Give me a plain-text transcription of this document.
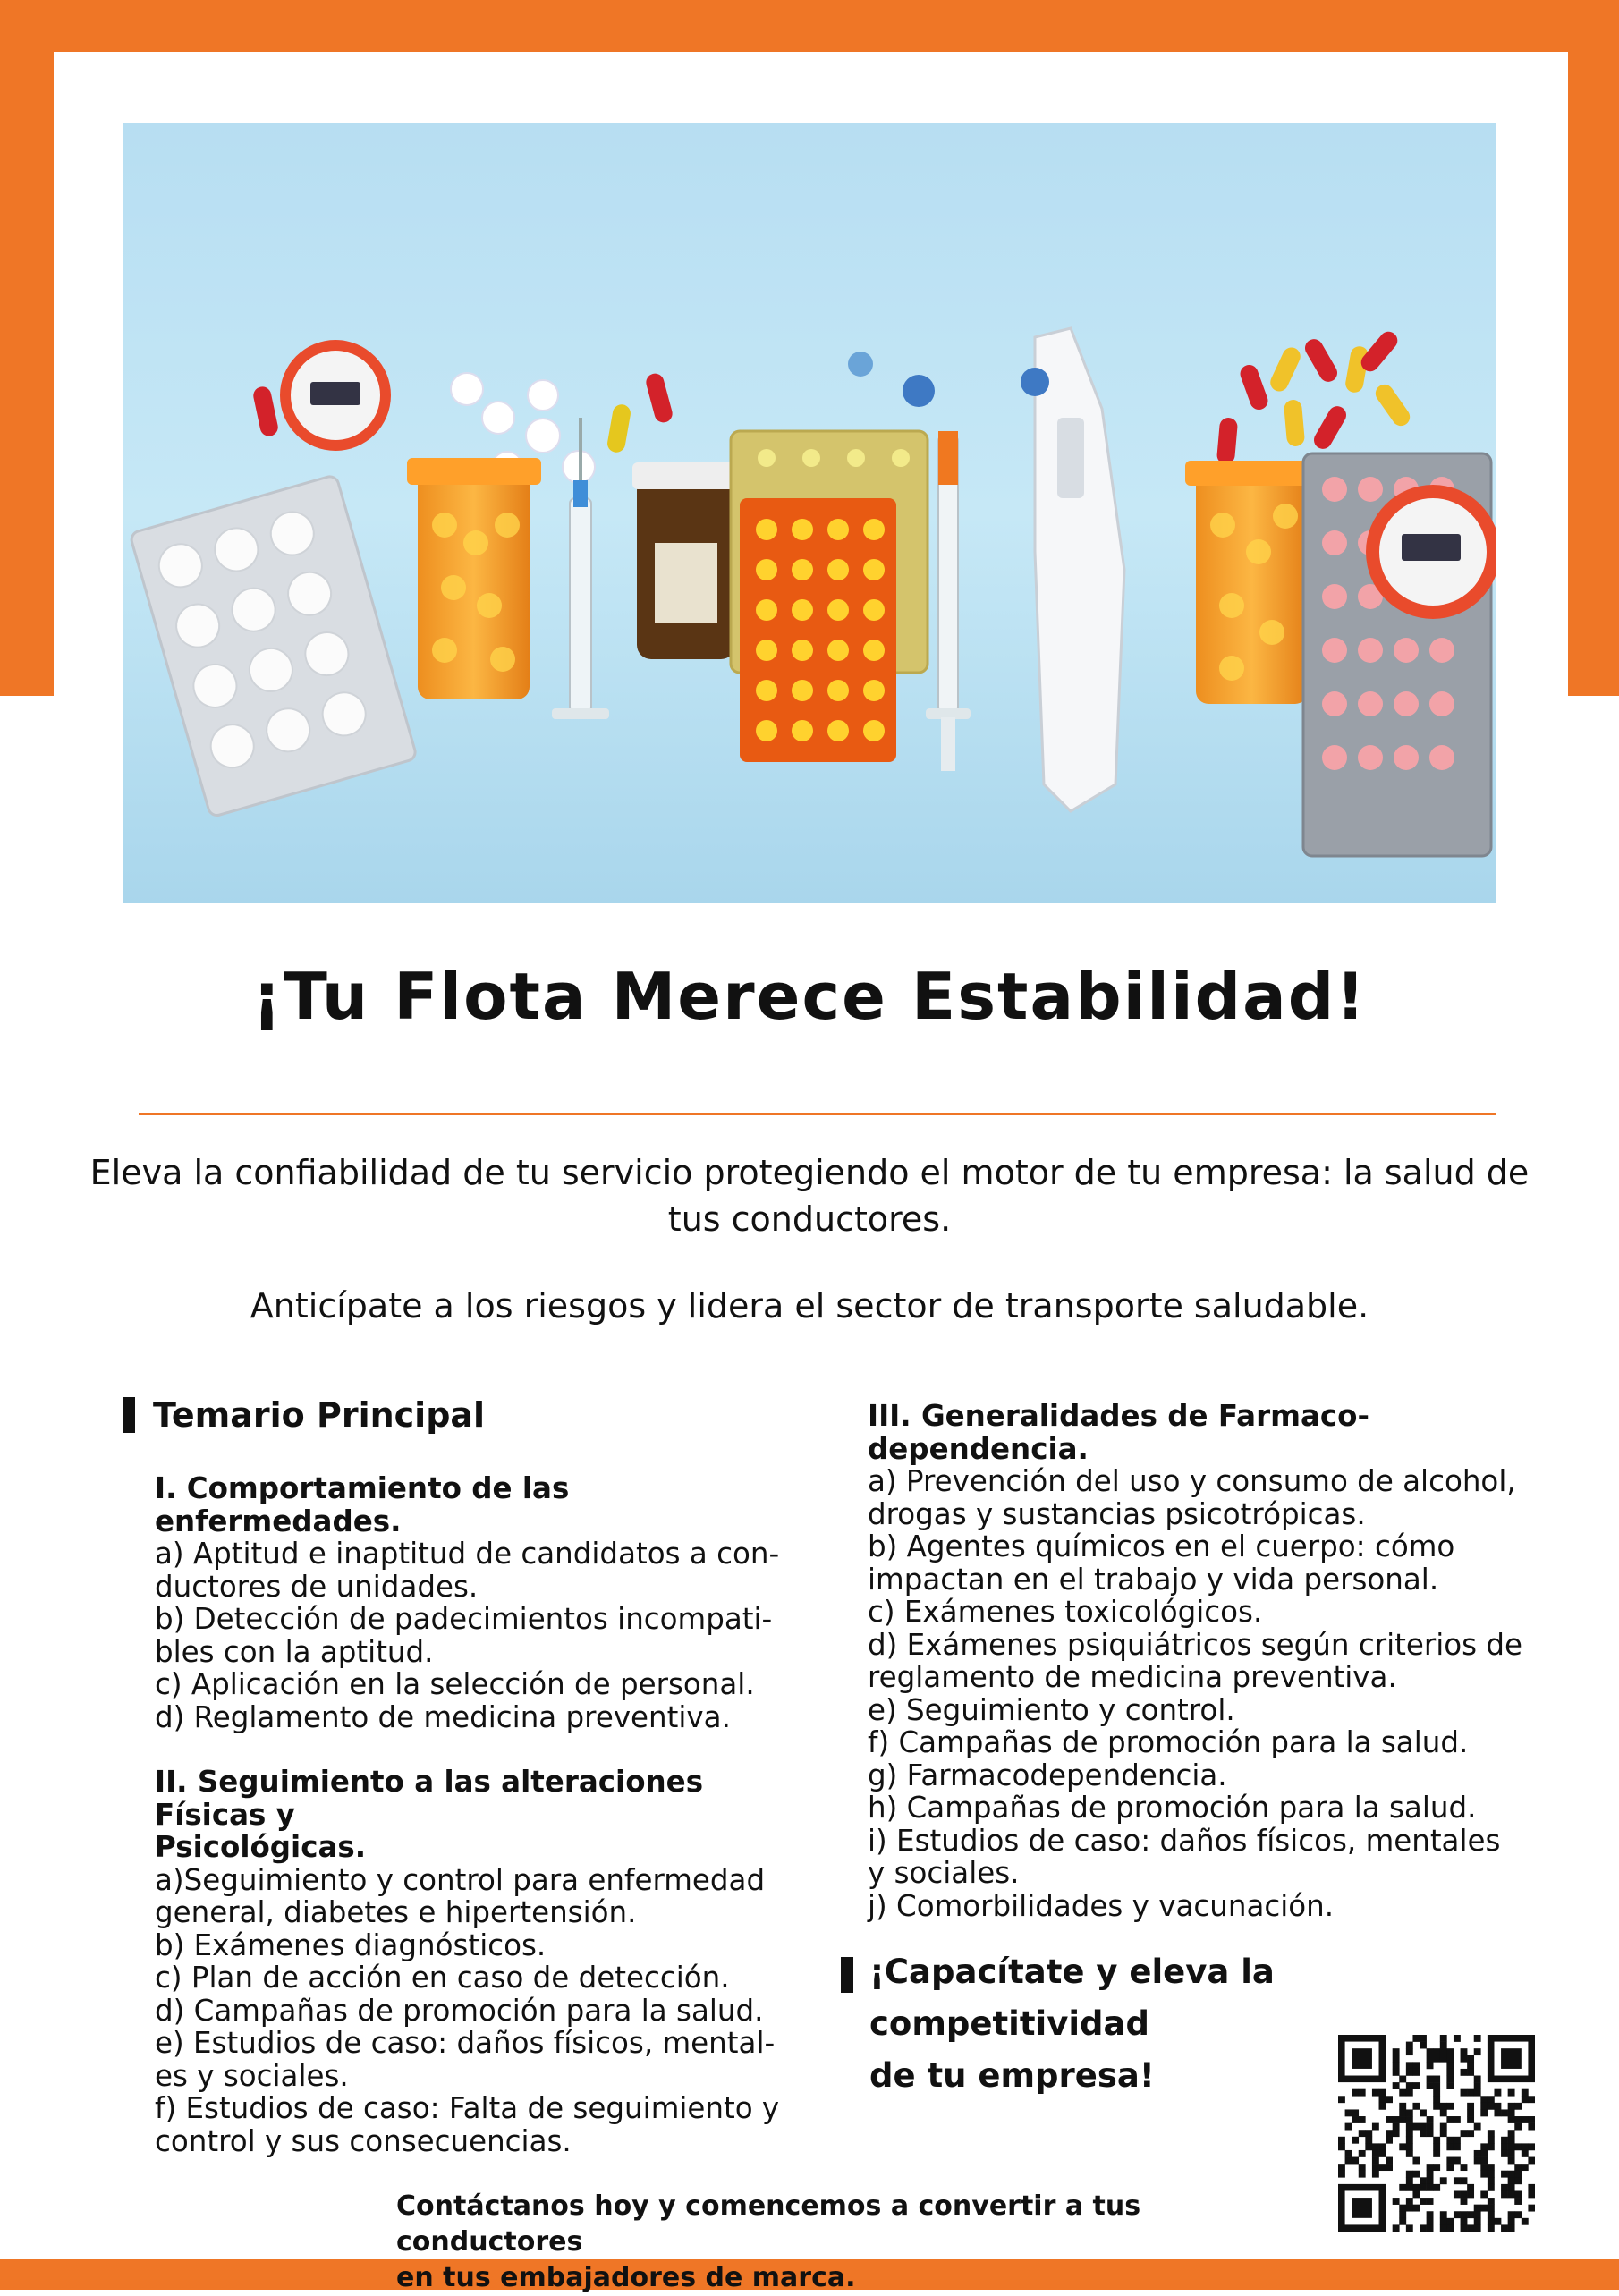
¡Tu Flota Merece Estabilidad!

Eleva la confiabilidad de tu servicio protegiendo el motor de tu empresa: la salud de tus conductores.

Anticípate a los riesgos y lidera el sector de transporte saludable.

Temario Principal
I. Comportamiento de las enfermedades.
a) Aptitud e inaptitud de candidatos a con-
ductores de unidades.
b) Detección de padecimientos incompati-
bles con la aptitud.
c) Aplicación en la selección de personal.
d) Reglamento de medicina preventiva.
II. Seguimiento a las alteraciones Físicas y
Psicológicas.
a)Seguimiento y control para enfermedad
general, diabetes e hipertensión.
b) Exámenes diagnósticos.
c) Plan de acción en caso de detección.
d) Campañas de promoción para la salud.
e) Estudios de caso: daños físicos, mental-
es y sociales.
f) Estudios de caso: Falta de seguimiento y
control y sus consecuencias.
III. Generalidades de Farmaco-dependencia.
a) Prevención del uso y consumo de alcohol,
drogas y sustancias psicotrópicas.
b) Agentes químicos en el cuerpo: cómo
impactan en el trabajo y vida personal.
c) Exámenes toxicológicos.
d) Exámenes psiquiátricos según criterios de
reglamento de medicina preventiva.
e) Seguimiento y control.
f) Campañas de promoción para la salud.
g) Farmacodependencia.
h) Campañas de promoción para la salud.
i) Estudios de caso: daños físicos, mentales
y sociales.
j) Comorbilidades y vacunación.
¡Capacítate y eleva la competitividad
de tu empresa!

Contáctanos hoy y comencemos a convertir a tus conductores
en tus embajadores de marca.
